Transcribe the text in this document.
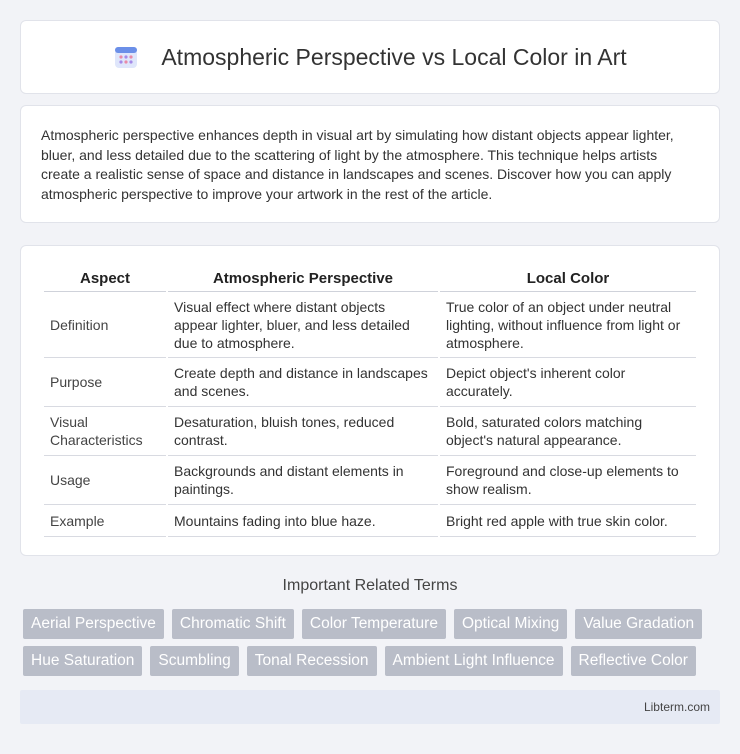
Atmospheric Perspective vs Local Color in Art

Atmospheric perspective enhances depth in visual art by simulating how distant objects appear lighter, bluer, and less detailed due to the scattering of light by the atmosphere. This technique helps artists create a realistic sense of space and distance in landscapes and scenes. Discover how you can apply atmospheric perspective to improve your artwork in the rest of the article.

Aspect	Atmospheric Perspective	Local Color
Definition	Visual effect where distant objects appear lighter, bluer, and less detailed due to atmosphere.	True color of an object under neutral lighting, without influence from light or atmosphere.
Purpose	Create depth and distance in landscapes and scenes.	Depict object's inherent color accurately.
Visual Characteristics	Desaturation, bluish tones, reduced contrast.	Bold, saturated colors matching object's natural appearance.
Usage	Backgrounds and distant elements in paintings.	Foreground and close-up elements to show realism.
Example	Mountains fading into blue haze.	Bright red apple with true skin color.
Important Related Terms
Aerial Perspective	Chromatic Shift	Color Temperature	Optical Mixing	Value Gradation
Hue Saturation	Scumbling	Tonal Recession	Ambient Light Influence	Reflective Color
Libterm.com
